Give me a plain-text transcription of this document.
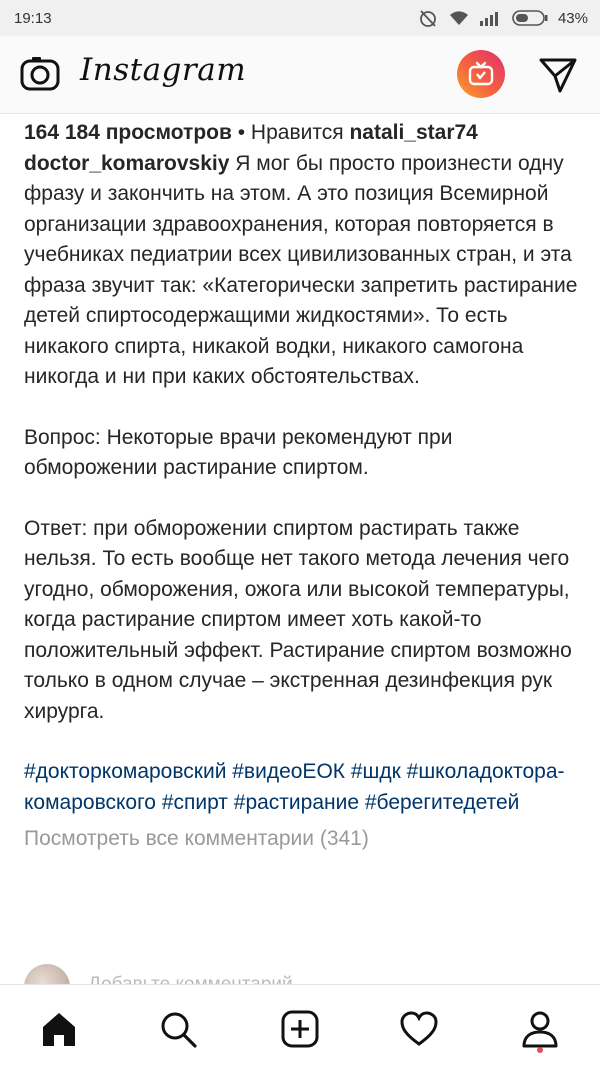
19:13	43%
Instagram
164 184 просмотров • Нравится natali_star74
doctor_komarovskiy Я мог бы просто произнести одну фразу и закончить на этом. А это позиция Всемирной организации здравоохранения, которая повторяется в учебниках педиатрии всех цивилизованных стран, и эта фраза звучит так: «Категорически запретить растирание детей спиртосодержащими жидкостями». То есть никакого спирта, никакой водки, никакого самогона никогда и ни при каких обстоятельствах.
Вопрос: Некоторые врачи рекомендуют при обморожении растирание спиртом.
Ответ: при обморожении спиртом растирать также нельзя. То есть вообще нет такого метода лечения чего угодно, обморожения, ожога или высокой температуры, когда растирание спиртом имеет хоть какой-то положительный эффект. Растирание спиртом возможно только в одном случае – экстренная дезинфекция рук хирурга.
#докторкомаровский #видеоЕОК #шдк #школадокторакомаровского #спирт #растирание #берегитедетей
Посмотреть все комментарии (341)
